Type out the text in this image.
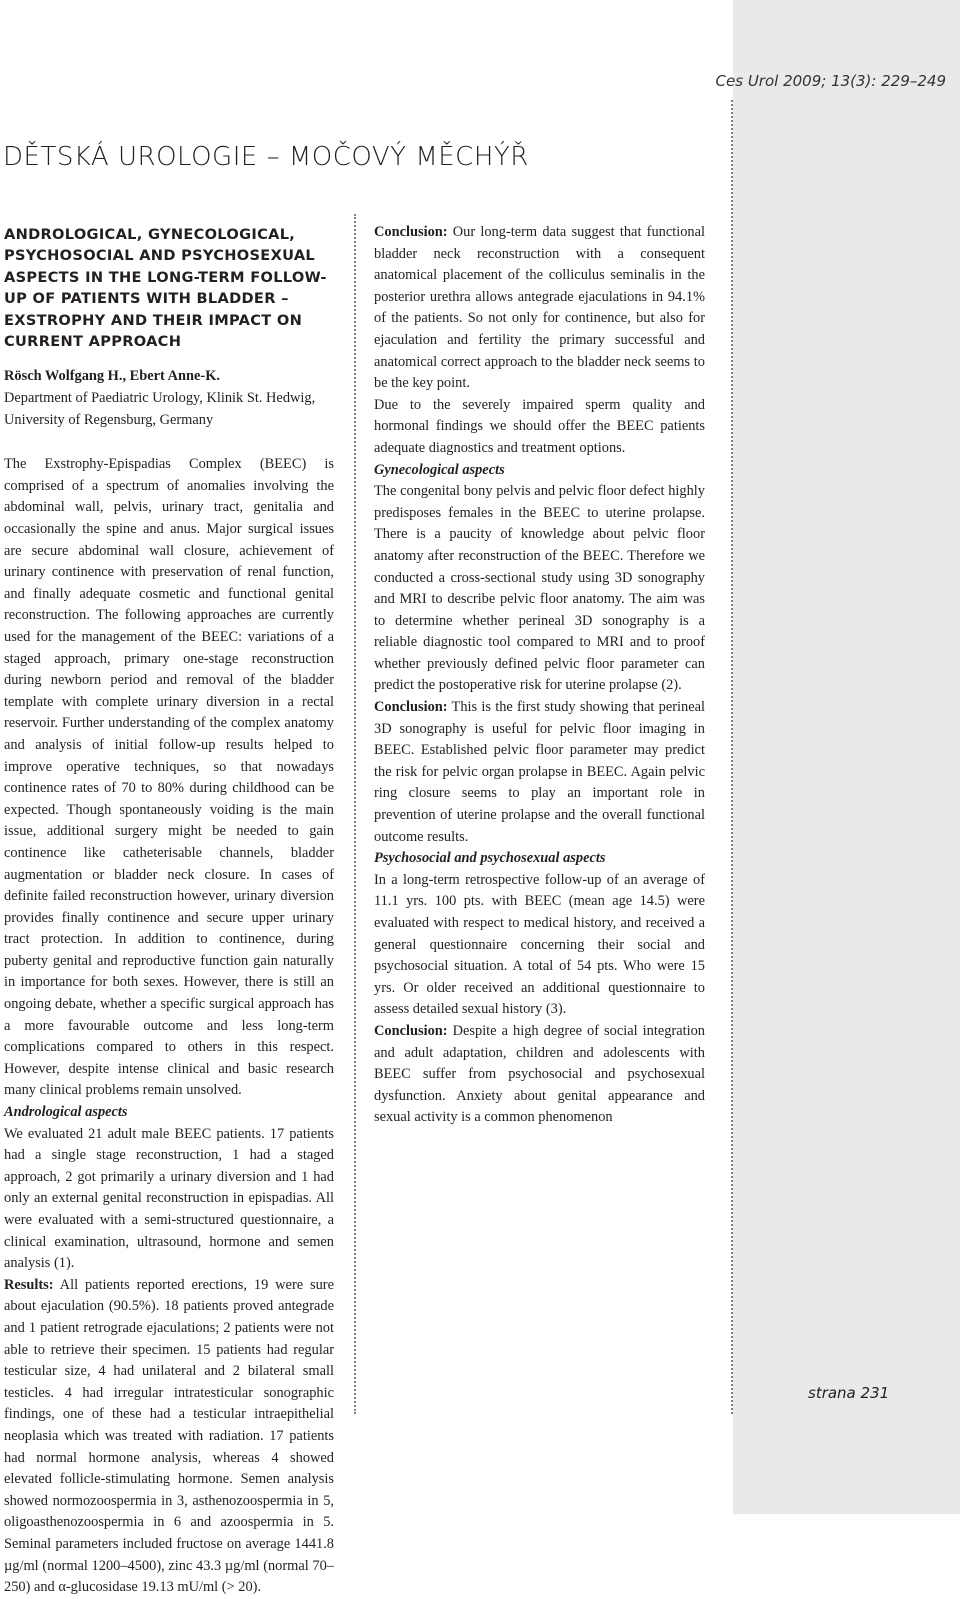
Ces Urol 2009; 13(3): 229–249
DĚTSKÁ UROLOGIE – MOČOVÝ MĚCHÝŘ
ANDROLOGICAL, GYNECOLOGICAL, PSYCHOSOCIAL AND PSYCHOSEXUAL ASPECTS IN THE LONG-TERM FOLLOW-UP OF PATIENTS WITH BLADDER – EXSTROPHY AND THEIR IMPACT ON CURRENT APPROACH

Rösch Wolfgang H., Ebert Anne-K.

Department of Paediatric Urology, Klinik St. Hedwig, University of Regensburg, Germany

The Exstrophy-Epispadias Complex (BEEC) is comprised of a spectrum of anomalies involving the abdominal wall, pelvis, urinary tract, genitalia and occasionally the spine and anus. Major surgical issues are secure abdominal wall closure, achievement of urinary continence with preservation of renal function, and finally adequate cosmetic and functional genital reconstruction. The following approaches are currently used for the management of the BEEC: variations of a staged approach, primary one-stage reconstruction during newborn period and removal of the bladder template with complete urinary diversion in a rectal reservoir. Further understanding of the complex anatomy and analysis of initial follow-up results helped to improve operative techniques, so that nowadays continence rates of 70 to 80% during childhood can be expected. Though spontaneously voiding is the main issue, additional surgery might be needed to gain continence like catheterisable channels, bladder augmentation or bladder neck closure. In cases of definite failed reconstruction however, urinary diversion provides finally continence and secure upper urinary tract protection. In addition to continence, during puberty genital and reproductive function gain naturally in importance for both sexes. However, there is still an ongoing debate, whether a specific surgical approach has a more favourable outcome and less long-term complications compared to others in this respect. However, despite intense clinical and basic research many clinical problems remain unsolved.

Andrological aspects

We evaluated 21 adult male BEEC patients. 17 patients had a single stage reconstruction, 1 had a staged approach, 2 got primarily a urinary diversion and 1 had only an external genital reconstruction in epispadias. All were evaluated with a semi-structured questionnaire, a clinical examination, ultrasound, hormone and semen analysis (1).

Results: All patients reported erections, 19 were sure about ejaculation (90.5%). 18 patients proved antegrade and 1 patient retrograde ejaculations; 2 patients were not able to retrieve their specimen. 15 patients had regular testicular size, 4 had unilateral and 2 bilateral small testicles. 4 had irregular intratesticular sonographic findings, one of these had a testicular intraepithelial neoplasia which was treated with radiation. 17 patients had normal hormone analysis, whereas 4 showed elevated follicle-stimulating hormone. Semen analysis showed normozoospermia in 3, asthenozoospermia in 5, oligoasthenozoospermia in 6 and azoospermia in 5. Seminal parameters included fructose on average 1441.8 µg/ml (normal 1200–4500), zinc 43.3 µg/ml (normal 70–250) and α-glucosidase 19.13 mU/ml (> 20).

Conclusion: Our long-term data suggest that functional bladder neck reconstruction with a consequent anatomical placement of the colliculus seminalis in the posterior urethra allows antegrade ejaculations in 94.1% of the patients. So not only for continence, but also for ejaculation and fertility the primary successful and anatomical correct approach to the bladder neck seems to be the key point.

Due to the severely impaired sperm quality and hormonal findings we should offer the BEEC patients adequate diagnostics and treatment options.

Gynecological aspects

The congenital bony pelvis and pelvic floor defect highly predisposes females in the BEEC to uterine prolapse. There is a paucity of knowledge about pelvic floor anatomy after reconstruction of the BEEC. Therefore we conducted a cross-sectional study using 3D sonography and MRI to describe pelvic floor anatomy. The aim was to determine whether perineal 3D sonography is a reliable diagnostic tool compared to MRI and to proof whether previously defined pelvic floor parameter can predict the postoperative risk for uterine prolapse (2).

Conclusion: This is the first study showing that perineal 3D sonography is useful for pelvic floor imaging in BEEC. Established pelvic floor parameter may predict the risk for pelvic organ prolapse in BEEC. Again pelvic ring closure seems to play an important role in prevention of uterine prolapse and the overall functional outcome results.

Psychosocial and psychosexual aspects

In a long-term retrospective follow-up of an average of 11.1 yrs. 100 pts. with BEEC (mean age 14.5) were evaluated with respect to medical history, and received a general questionnaire concerning their social and psychosocial situation. A total of 54 pts. Who were 15 yrs. Or older received an additional questionnaire to assess detailed sexual history (3).

Conclusion: Despite a high degree of social integration and adult adaptation, children and adolescents with BEEC suffer from psychosocial and psychosexual dysfunction. Anxiety about genital appearance and sexual activity is a common phenomenon

strana 231
